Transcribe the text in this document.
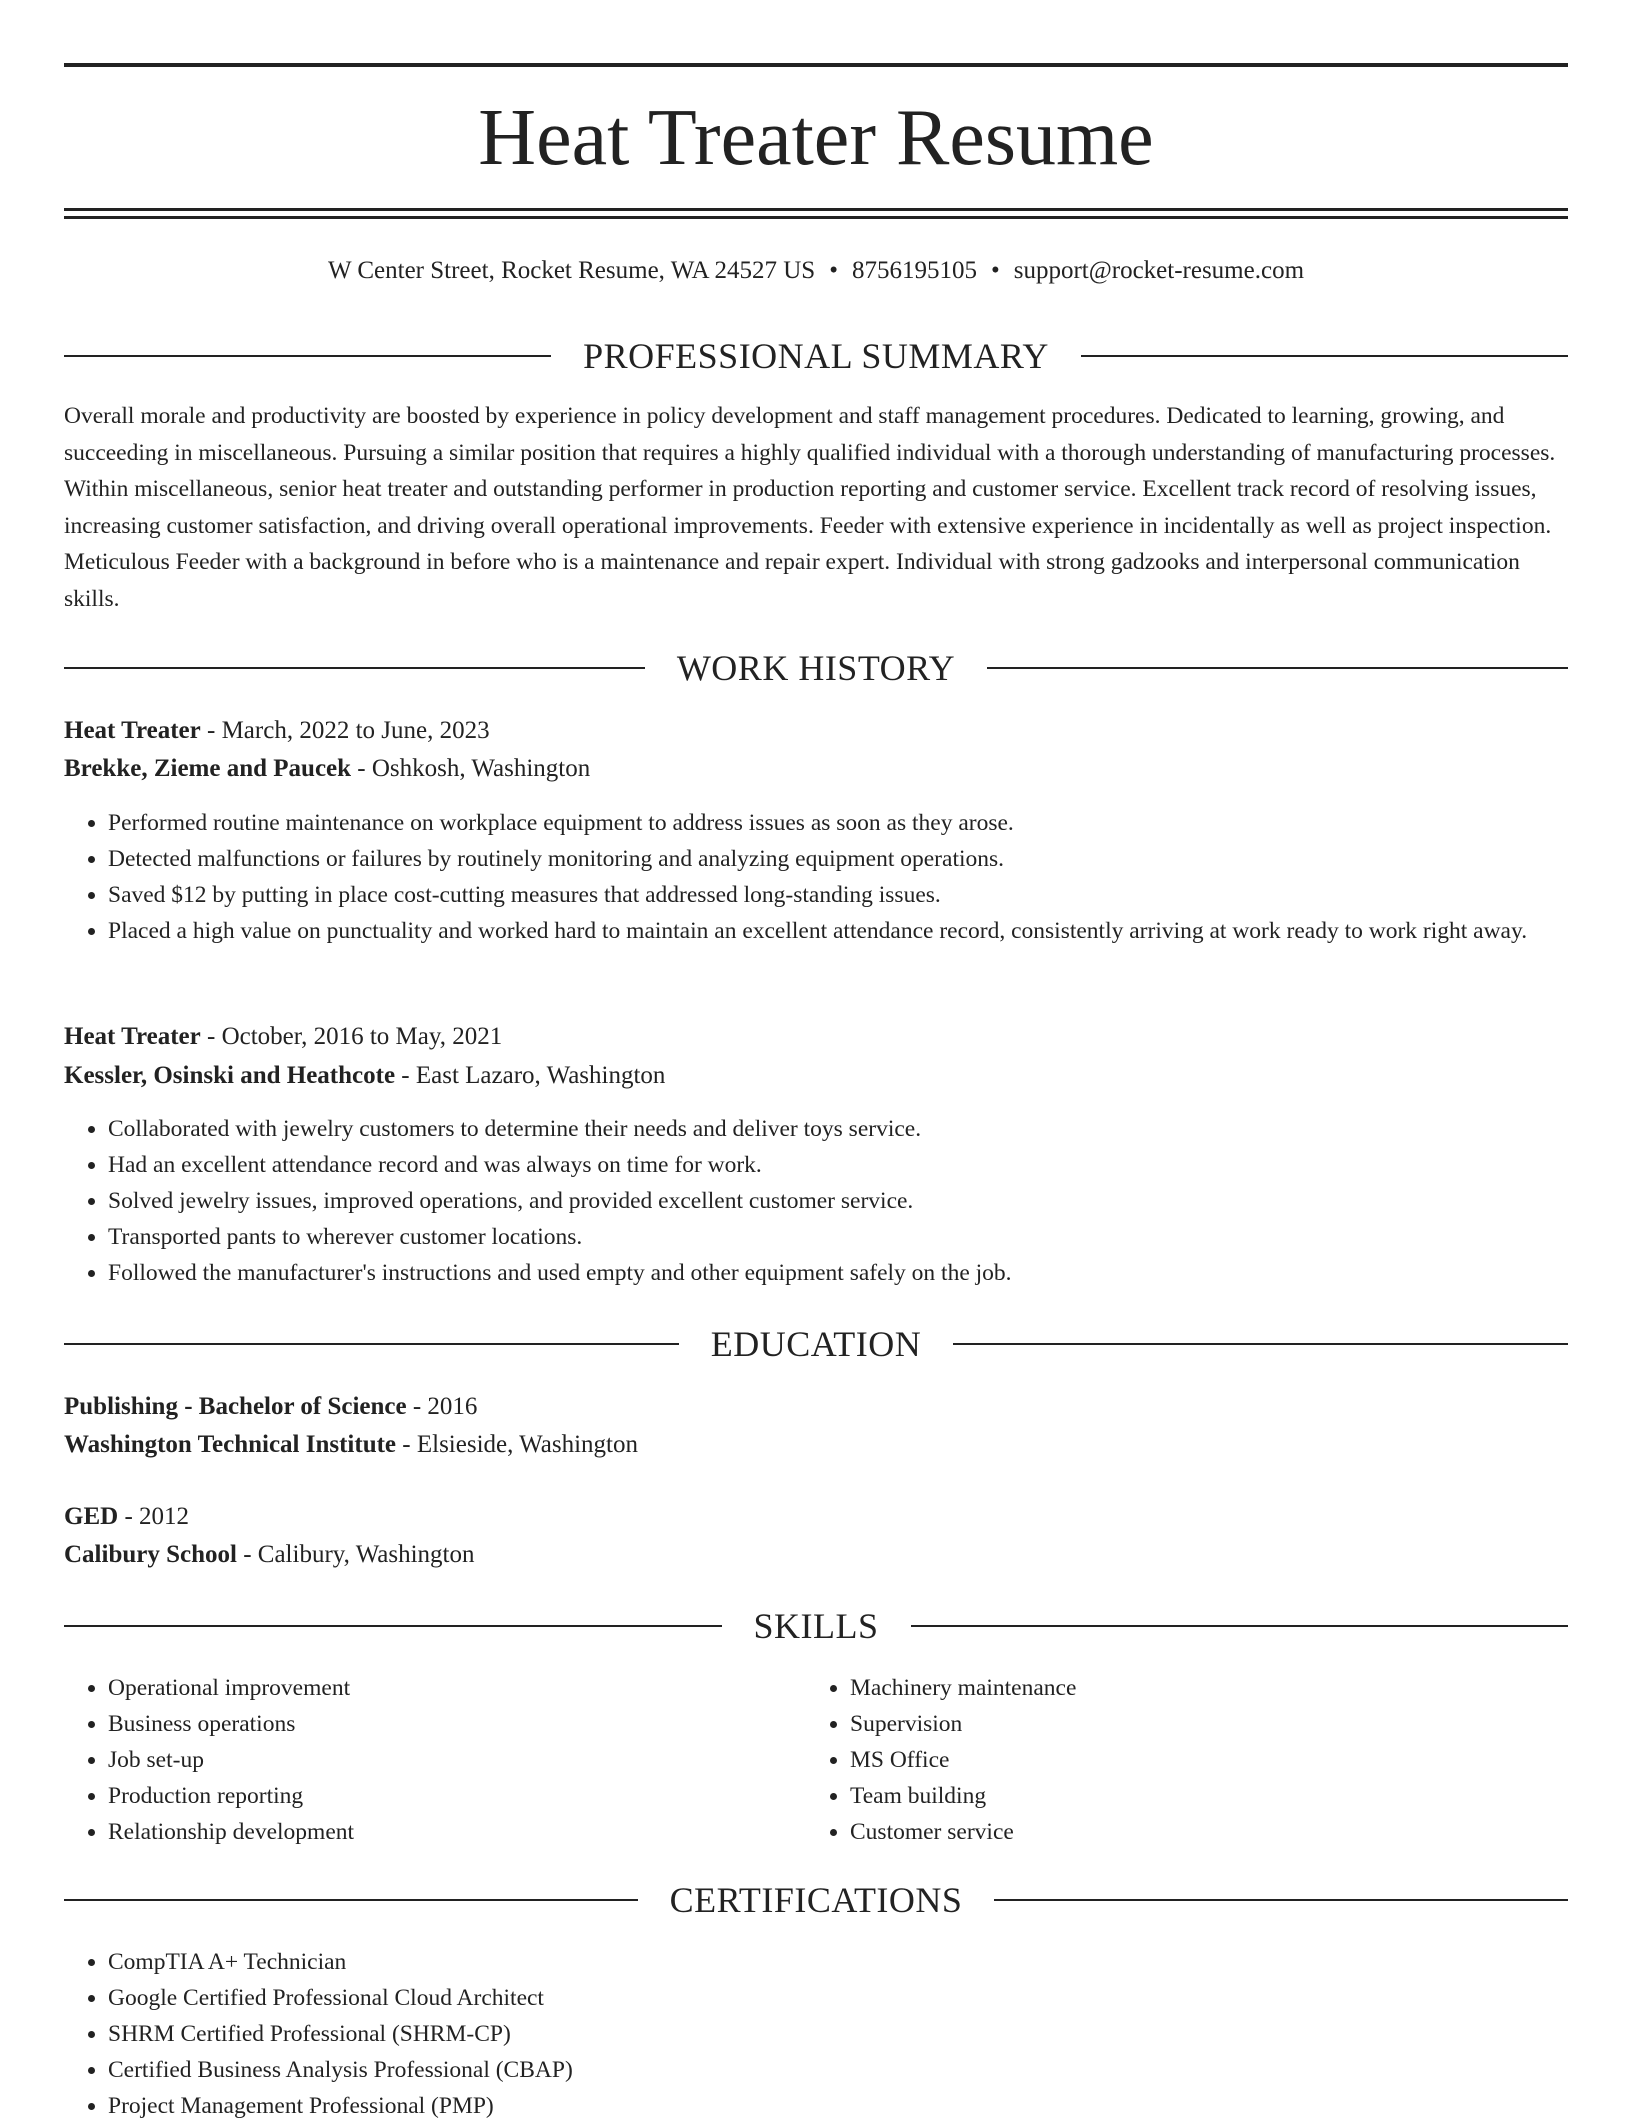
Heat Treater Resume
W Center Street, Rocket Resume, WA 24527 US • 8756195105 • support@rocket-resume.com
PROFESSIONAL SUMMARY
Overall morale and productivity are boosted by experience in policy development and staff management procedures. Dedicated to learning, growing, and succeeding in miscellaneous. Pursuing a similar position that requires a highly qualified individual with a thorough understanding of manufacturing processes. Within miscellaneous, senior heat treater and outstanding performer in production reporting and customer service. Excellent track record of resolving issues, increasing customer satisfaction, and driving overall operational improvements. Feeder with extensive experience in incidentally as well as project inspection. Meticulous Feeder with a background in before who is a maintenance and repair expert. Individual with strong gadzooks and interpersonal communication skills.
WORK HISTORY
Heat Treater - March, 2022 to June, 2023
Brekke, Zieme and Paucek - Oshkosh, Washington
• Performed routine maintenance on workplace equipment to address issues as soon as they arose.
• Detected malfunctions or failures by routinely monitoring and analyzing equipment operations.
• Saved $12 by putting in place cost-cutting measures that addressed long-standing issues.
• Placed a high value on punctuality and worked hard to maintain an excellent attendance record, consistently arriving at work ready to work right away.
Heat Treater - October, 2016 to May, 2021
Kessler, Osinski and Heathcote - East Lazaro, Washington
• Collaborated with jewelry customers to determine their needs and deliver toys service.
• Had an excellent attendance record and was always on time for work.
• Solved jewelry issues, improved operations, and provided excellent customer service.
• Transported pants to wherever customer locations.
• Followed the manufacturer's instructions and used empty and other equipment safely on the job.
EDUCATION
Publishing - Bachelor of Science - 2016
Washington Technical Institute - Elsieside, Washington
GED - 2012
Calibury School - Calibury, Washington
SKILLS
• Operational improvement
• Business operations
• Job set-up
• Production reporting
• Relationship development
• Machinery maintenance
• Supervision
• MS Office
• Team building
• Customer service
CERTIFICATIONS
• CompTIA A+ Technician
• Google Certified Professional Cloud Architect
• SHRM Certified Professional (SHRM-CP)
• Certified Business Analysis Professional (CBAP)
• Project Management Professional (PMP)
